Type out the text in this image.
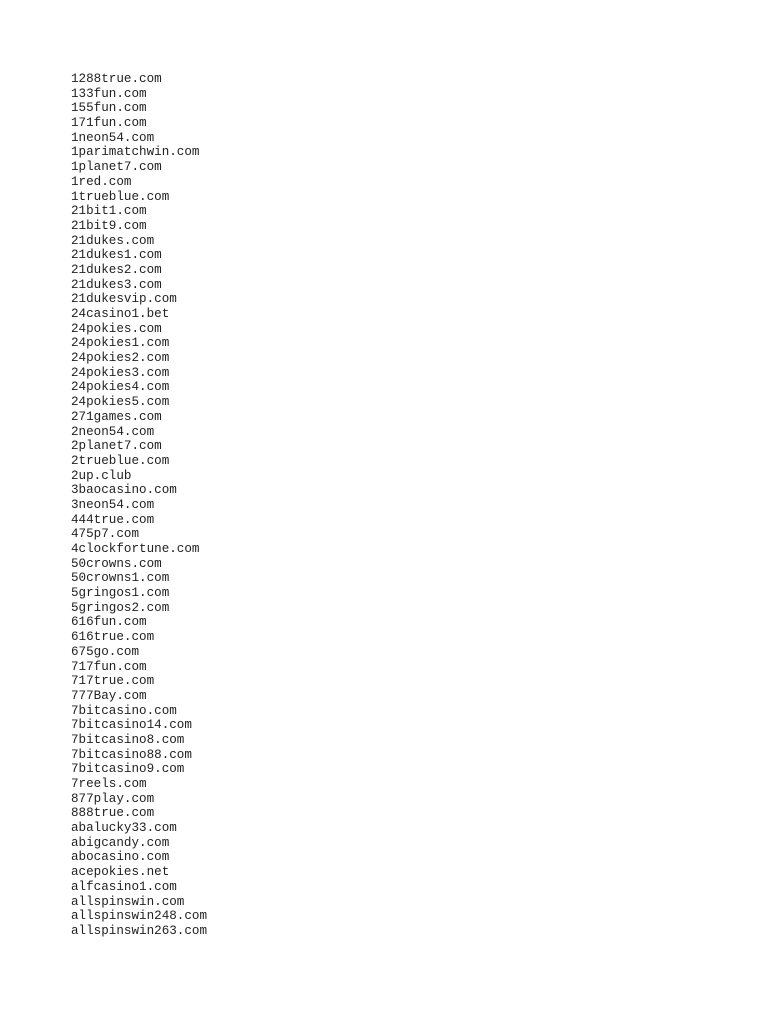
1288true.com
133fun.com
155fun.com
171fun.com
1neon54.com
1parimatchwin.com
1planet7.com
1red.com
1trueblue.com
21bit1.com
21bit9.com
21dukes.com
21dukes1.com
21dukes2.com
21dukes3.com
21dukesvip.com
24casino1.bet
24pokies.com
24pokies1.com
24pokies2.com
24pokies3.com
24pokies4.com
24pokies5.com
271games.com
2neon54.com
2planet7.com
2trueblue.com
2up.club
3baocasino.com
3neon54.com
444true.com
475p7.com
4clockfortune.com
50crowns.com
50crowns1.com
5gringos1.com
5gringos2.com
616fun.com
616true.com
675go.com
717fun.com
717true.com
777Bay.com
7bitcasino.com
7bitcasino14.com
7bitcasino8.com
7bitcasino88.com
7bitcasino9.com
7reels.com
877play.com
888true.com
abalucky33.com
abigcandy.com
abocasino.com
acepokies.net
alfcasino1.com
allspinswin.com
allspinswin248.com
allspinswin263.com
